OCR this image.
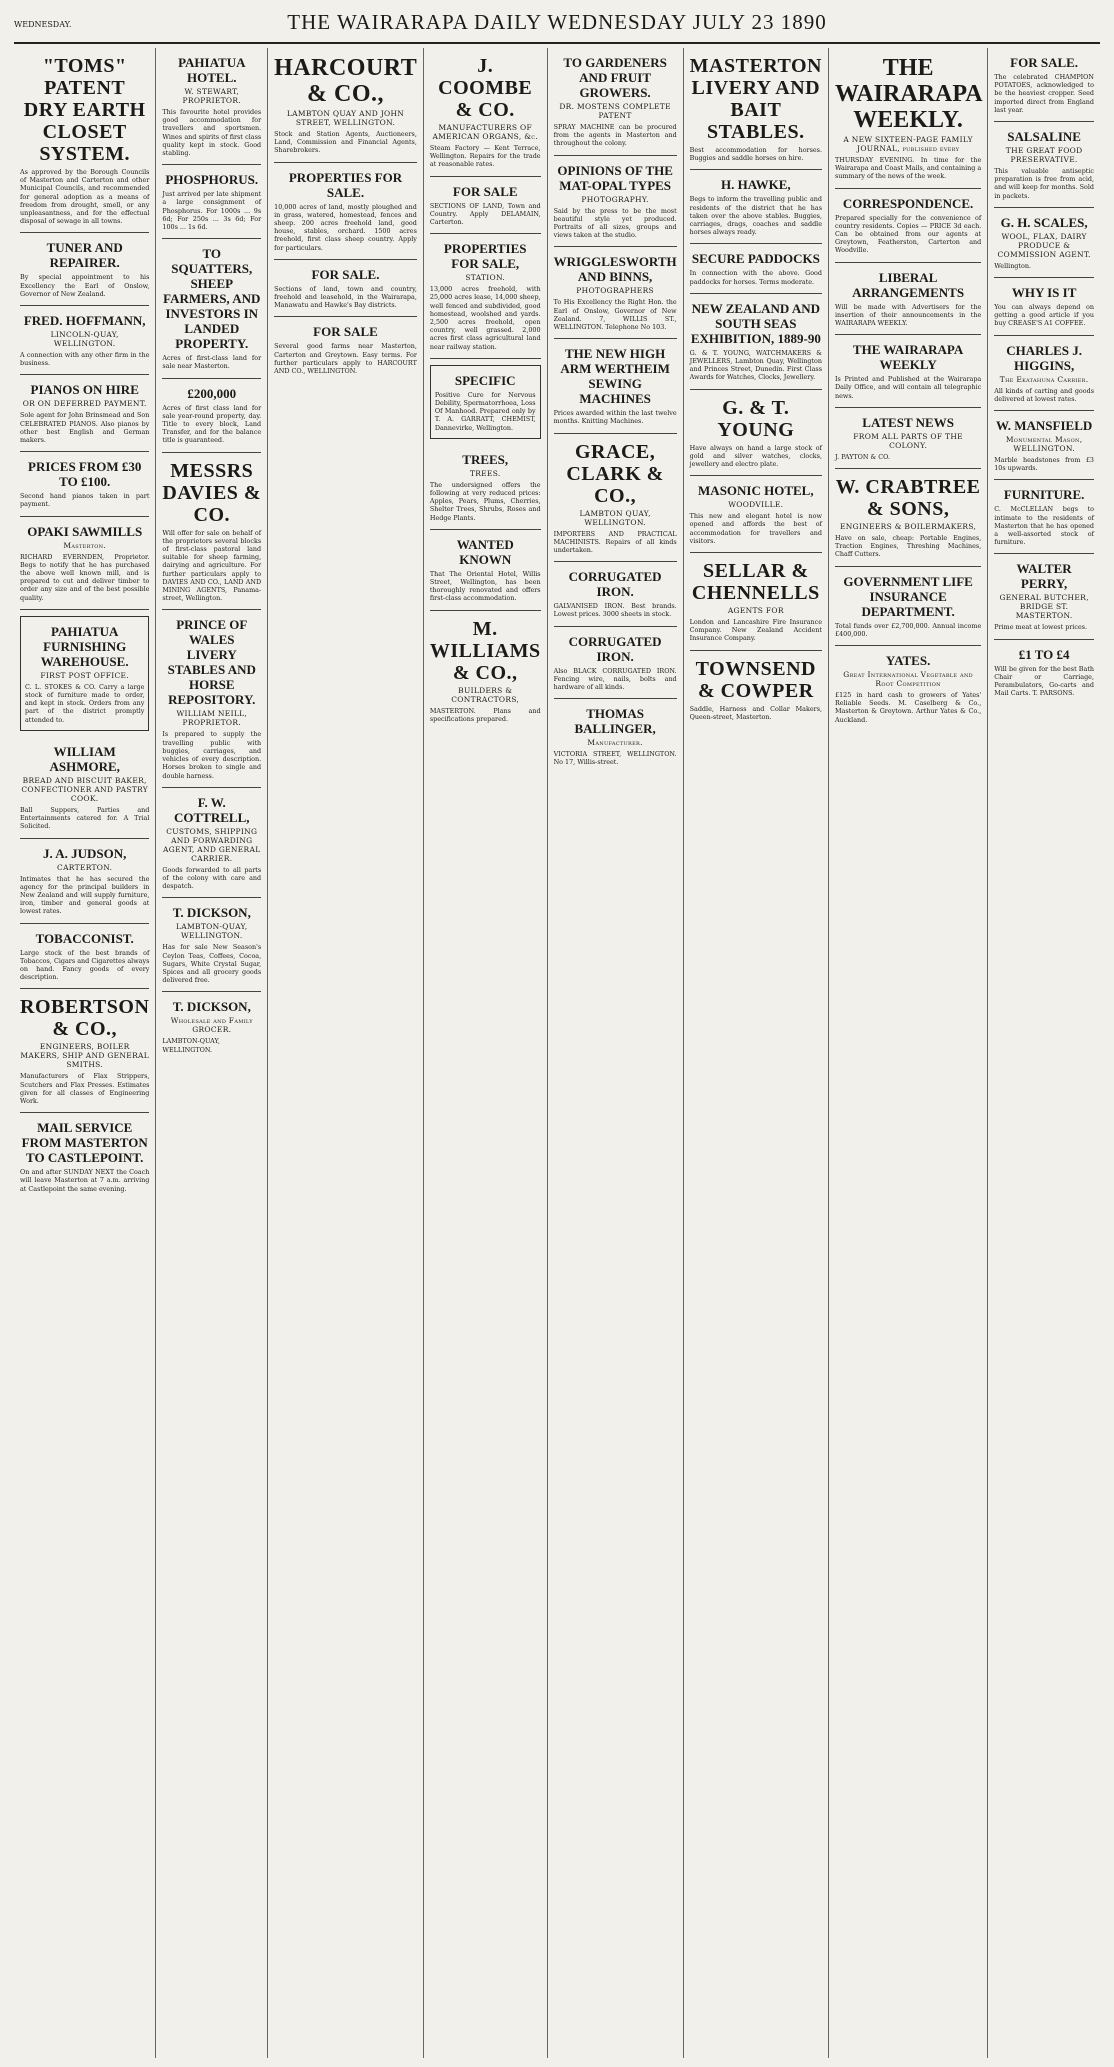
WEDNESDAY.	THE WAIRARAPA DAILY WEDNESDAY JULY 23 1890
"TOMS" PATENT DRY EARTH CLOSET SYSTEM.
As approved by the Borough Councils of Masterton and Carterton and other Municipal Councils, and recommended for general adoption as a means of freedom from drought, smell, or any unpleasantness, and for the effectual disposal of sewage in all towns.
TUNER AND REPAIRER.
By special appointment to his Excellency the Earl of Onslow, Governor of New Zealand.
FRED. HOFFMANN,
LINCOLN-QUAY, WELLINGTON.
A connection with any other firm in the business.
PIANOS ON HIRE
OR ON DEFERRED PAYMENT.
Sole agent for John Brinsmead and Son CELEBRATED PIANOS. Also pianos by other best English and German makers.
PRICES FROM £30 TO £100.
Second hand pianos taken in part payment.
OPAKI SAWMILLS
Masterton.
RICHARD EVERNDEN, Proprietor. Begs to notify that he has purchased the above well known mill, and is prepared to cut and deliver timber to order any size and of the best possible quality.
PAHIATUA FURNISHING WAREHOUSE.
FIRST POST OFFICE.
C. L. STOKES & CO. Carry a large stock of furniture made to order, and kept in stock. Orders from any part of the district promptly attended to.
WILLIAM ASHMORE,
BREAD AND BISCUIT BAKER, CONFECTIONER AND PASTRY COOK.
Ball Suppers, Parties and Entertainments catered for. A Trial Solicited.
J. A. JUDSON,
CARTERTON.
Intimates that he has secured the agency for the principal builders in New Zealand and will supply furniture, iron, timber and general goods at lowest rates.
TOBACCONIST.
Large stock of the best brands of Tobaccos, Cigars and Cigarettes always on hand. Fancy goods of every description.
ROBERTSON & CO.,
ENGINEERS, BOILER MAKERS, SHIP AND GENERAL SMITHS.
Manufacturers of Flax Strippers, Scutchers and Flax Presses. Estimates given for all classes of Engineering Work.
MAIL SERVICE FROM MASTERTON TO CASTLEPOINT.
On and after SUNDAY NEXT the Coach will leave Masterton at 7 a.m. arriving at Castlepoint the same evening.
PAHIATUA HOTEL.
W. STEWART, PROPRIETOR.
This favourite hotel provides good accommodation for travellers and sportsmen. Wines and spirits of first class quality kept in stock. Good stabling.
PHOSPHORUS.
Just arrived per late shipment a large consignment of Phosphorus. For 1000s ... 9s 6d; For 250s ... 3s 6d; For 100s ... 1s 6d.
TO SQUATTERS, SHEEP FARMERS, AND INVESTORS IN LANDED PROPERTY.
Acres of first-class land for sale near Masterton.
£200,000
Acres of first class land for sale year-round property, day. Title to every block, Land Transfer, and for the balance title is guaranteed.
MESSRS DAVIES & CO.
Will offer for sale on behalf of the proprietors several blocks of first-class pastoral land suitable for sheep farming, dairying and agriculture. For further particulars apply to DAVIES AND CO., LAND AND MINING AGENTS, Panama-street, Wellington.
PRINCE OF WALES LIVERY STABLES AND HORSE REPOSITORY.
WILLIAM NEILL, PROPRIETOR.
Is prepared to supply the travelling public with buggies, carriages, and vehicles of every description. Horses broken to single and double harness.
F. W. COTTRELL,
CUSTOMS, SHIPPING AND FORWARDING AGENT, AND GENERAL CARRIER.
Goods forwarded to all parts of the colony with care and despatch.
T. DICKSON,
LAMBTON-QUAY, WELLINGTON.
Has for sale New Season's Ceylon Teas, Coffees, Cocoa, Sugars, White Crystal Sugar, Spices and all grocery goods delivered free.
T. DICKSON,
Wholesale and Family GROCER.
LAMBTON-QUAY, WELLINGTON.
HARCOURT & CO.,
LAMBTON QUAY AND JOHN STREET, WELLINGTON.
Stock and Station Agents, Auctioneers, Land, Commission and Financial Agents, Sharebrokers.
PROPERTIES FOR SALE.
10,000 acres of land, mostly ploughed and in grass, watered, homestead, fences and sheep. 200 acres freehold land, good house, stables, orchard. 1500 acres freehold, first class sheep country. Apply for particulars.
FOR SALE.
Sections of land, town and country, freehold and leasehold, in the Wairarapa, Manawatu and Hawke's Bay districts.
FOR SALE
Several good farms near Masterton, Carterton and Greytown. Easy terms. For further particulars apply to HARCOURT AND CO., WELLINGTON.
J. COOMBE & CO.
MANUFACTURERS OF AMERICAN ORGANS, &c.
Steam Factory — Kent Terrace, Wellington. Repairs for the trade at reasonable rates.
FOR SALE
SECTIONS OF LAND, Town and Country. Apply DELAMAIN, Carterton.
PROPERTIES FOR SALE,
STATION.
13,000 acres freehold, with 25,000 acres lease, 14,000 sheep, well fenced and subdivided, good homestead, woolshed and yards. 2,500 acres freehold, open country, well grassed. 2,000 acres first class agricultural land near railway station.
SPECIFIC
Positive Cure for Nervous Debility, Spermatorrhoea, Loss Of Manhood. Prepared only by T. A. GARRATT, CHEMIST, Dannevirke, Wellington.
TREES,
TREES.
The undersigned offers the following at very reduced prices: Apples, Pears, Plums, Cherries, Shelter Trees, Shrubs, Roses and Hedge Plants.
WANTED KNOWN
That The Oriental Hotel, Willis Street, Wellington, has been thoroughly renovated and offers first-class accommodation.
M. WILLIAMS & CO.,
BUILDERS & CONTRACTORS,
MASTERTON. Plans and specifications prepared.
TO GARDENERS AND FRUIT GROWERS.
DR. MOSTENS COMPLETE PATENT
SPRAY MACHINE can be procured from the agents in Masterton and throughout the colony.
OPINIONS OF THE MAT-OPAL TYPES
PHOTOGRAPHY.
Said by the press to be the most beautiful style yet produced. Portraits of all sizes, groups and views taken at the studio.
WRIGGLESWORTH AND BINNS,
PHOTOGRAPHERS
To His Excellency the Right Hon. the Earl of Onslow, Governor of New Zealand. 7, WILLIS ST., WELLINGTON. Telephone No 103.
THE NEW HIGH ARM WERTHEIM SEWING MACHINES
Prices awarded within the last twelve months. Knitting Machines.
GRACE, CLARK & CO.,
LAMBTON QUAY, WELLINGTON.
IMPORTERS AND PRACTICAL MACHINISTS. Repairs of all kinds undertaken.
CORRUGATED IRON.
GALVANISED IRON. Best brands. Lowest prices. 3000 sheets in stock.
CORRUGATED IRON.
Also BLACK CORRUGATED IRON. Fencing wire, nails, bolts and hardware of all kinds.
THOMAS BALLINGER,
Manufacturer.
VICTORIA STREET, WELLINGTON. No 17, Willis-street.
MASTERTON LIVERY AND BAIT STABLES.
Best accommodation for horses. Buggies and saddle horses on hire.
H. HAWKE,
Begs to inform the travelling public and residents of the district that he has taken over the above stables. Buggies, carriages, drags, coaches and saddle horses always ready.
SECURE PADDOCKS
In connection with the above. Good paddocks for horses. Terms moderate.
NEW ZEALAND AND SOUTH SEAS EXHIBITION, 1889-90
G. & T. YOUNG, WATCHMAKERS & JEWELLERS, Lambton Quay, Wellington and Princes Street, Dunedin. First Class Awards for Watches, Clocks, Jewellery.
G. & T. YOUNG
Have always on hand a large stock of gold and silver watches, clocks, jewellery and electro plate.
MASONIC HOTEL,
WOODVILLE.
This new and elegant hotel is now opened and affords the best of accommodation for travellers and visitors.
SELLAR & CHENNELLS
AGENTS FOR
London and Lancashire Fire Insurance Company. New Zealand Accident Insurance Company.
TOWNSEND & COWPER
Saddle, Harness and Collar Makers, Queen-street, Masterton.
THE WAIRARAPA WEEKLY.
A NEW SIXTEEN-PAGE FAMILY JOURNAL, published every
THURSDAY EVENING. In time for the Wairarapa and Coast Mails, and containing a summary of the news of the week.
CORRESPONDENCE.
Prepared specially for the convenience of country residents. Copies — PRICE 3d each. Can be obtained from our agents at Greytown, Featherston, Carterton and Woodville.
LIBERAL ARRANGEMENTS
Will be made with Advertisers for the insertion of their announcements in the WAIRARAPA WEEKLY.
THE WAIRARAPA WEEKLY
Is Printed and Published at the Wairarapa Daily Office, and will contain all telegraphic news.
LATEST NEWS
FROM ALL PARTS OF THE COLONY.
J. PAYTON & CO.
W. CRABTREE & SONS,
ENGINEERS & BOILERMAKERS,
Have on sale, cheap: Portable Engines, Traction Engines, Threshing Machines, Chaff Cutters.
GOVERNMENT LIFE INSURANCE DEPARTMENT.
Total funds over £2,700,000. Annual income £400,000.
YATES.
Great International Vegetable and Root Competition
£125 in hard cash to growers of Yates' Reliable Seeds. M. Caselberg & Co., Masterton & Greytown. Arthur Yates & Co., Auckland.
FOR SALE.
The celebrated CHAMPION POTATOES, acknowledged to be the heaviest cropper. Seed imported direct from England last year.
SALSALINE
THE GREAT FOOD PRESERVATIVE.
This valuable antiseptic preparation is free from acid, and will keep for months. Sold in packets.
G. H. SCALES,
WOOL, FLAX, DAIRY PRODUCE & COMMISSION AGENT.
Wellington.
WHY IS IT
You can always depend on getting a good article if you buy CREASE'S A1 COFFEE.
CHARLES J. HIGGINS,
The Ekatahuna Carrier.
All kinds of carting and goods delivered at lowest rates.
W. MANSFIELD
Monumental Mason, WELLINGTON.
Marble headstones from £3 10s upwards.
FURNITURE.
C. McCLELLAN begs to intimate to the residents of Masterton that he has opened a well-assorted stock of furniture.
WALTER PERRY,
GENERAL BUTCHER, BRIDGE ST. MASTERTON.
Prime meat at lowest prices.
£1 TO £4
Will be given for the best Bath Chair or Carriage, Perambulators, Go-carts and Mail Carts. T. PARSONS.
